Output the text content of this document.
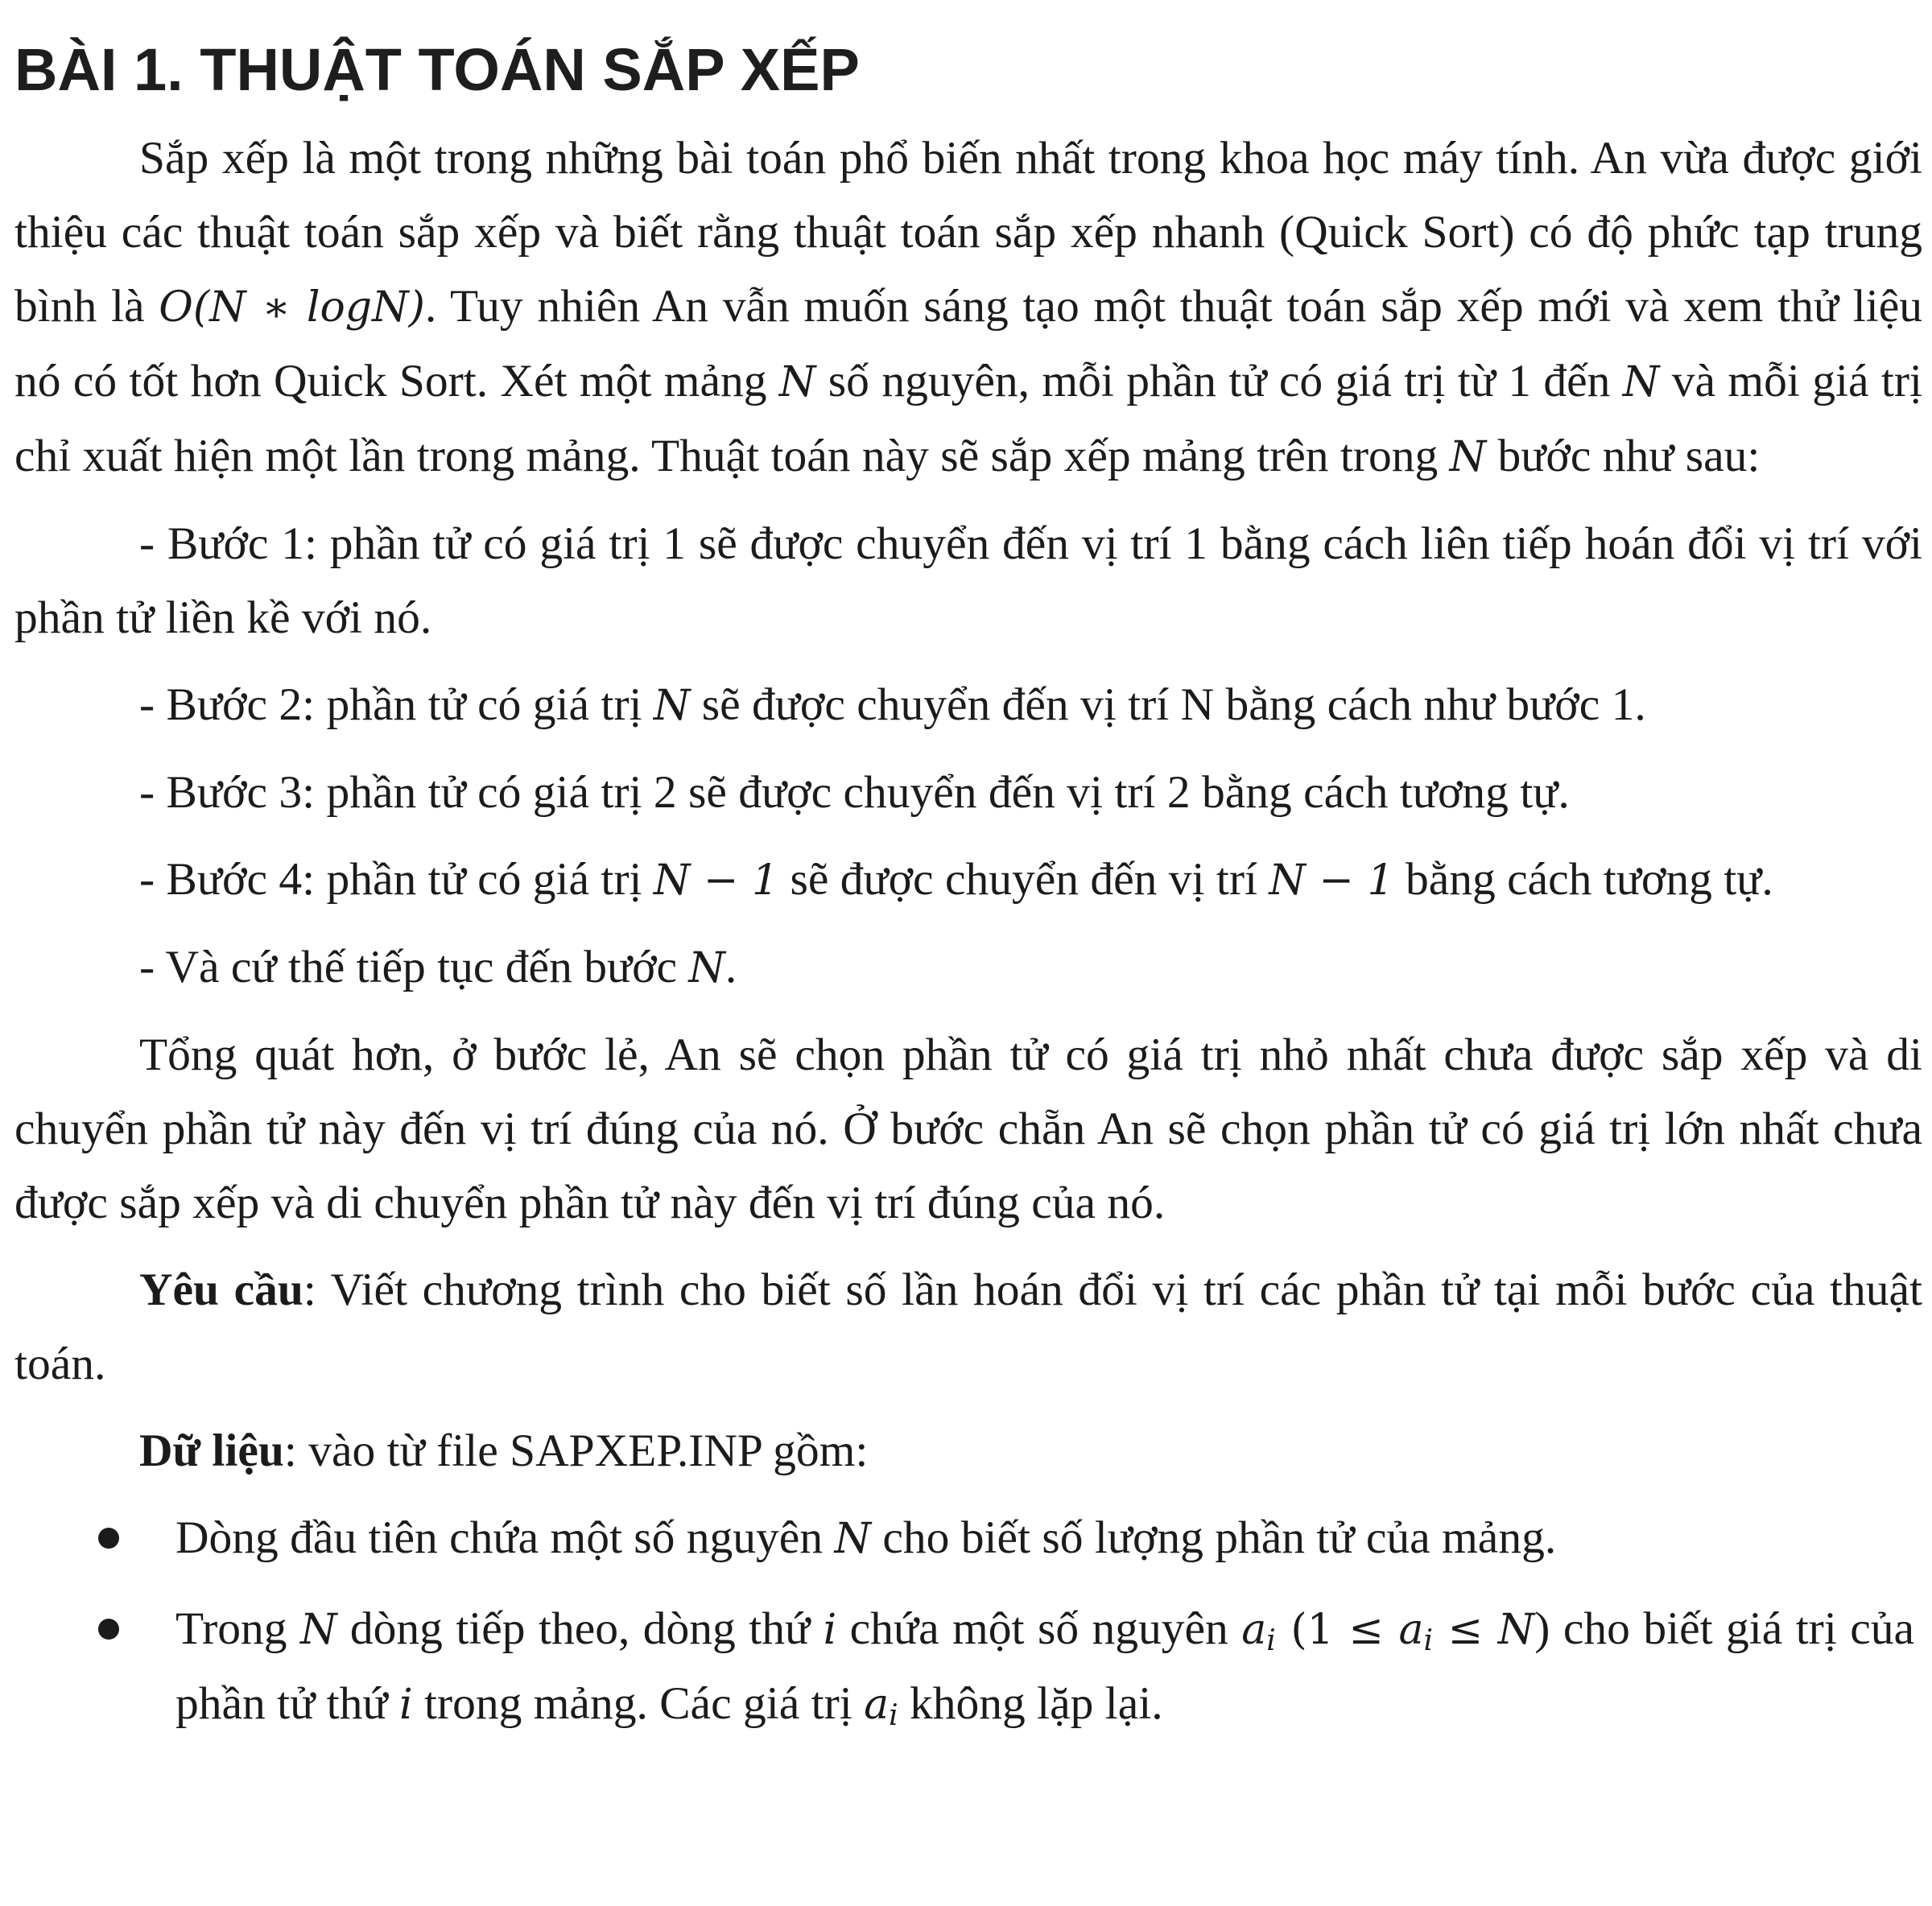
BÀI 1. THUẬT TOÁN SẮP XẾP

Sắp xếp là một trong những bài toán phổ biến nhất trong khoa học máy tính. An vừa được giới thiệu các thuật toán sắp xếp và biết rằng thuật toán sắp xếp nhanh (Quick Sort) có độ phức tạp trung bình là O(N ∗ logN). Tuy nhiên An vẫn muốn sáng tạo một thuật toán sắp xếp mới và xem thử liệu nó có tốt hơn Quick Sort. Xét một mảng N số nguyên, mỗi phần tử có giá trị từ 1 đến N và mỗi giá trị chỉ xuất hiện một lần trong mảng. Thuật toán này sẽ sắp xếp mảng trên trong N bước như sau:

- Bước 1: phần tử có giá trị 1 sẽ được chuyển đến vị trí 1 bằng cách liên tiếp hoán đổi vị trí với phần tử liền kề với nó.

- Bước 2: phần tử có giá trị N sẽ được chuyển đến vị trí N bằng cách như bước 1.

- Bước 3: phần tử có giá trị 2 sẽ được chuyển đến vị trí 2 bằng cách tương tự.

- Bước 4: phần tử có giá trị N − 1 sẽ được chuyển đến vị trí N − 1 bằng cách tương tự.

- Và cứ thế tiếp tục đến bước N.

Tổng quát hơn, ở bước lẻ, An sẽ chọn phần tử có giá trị nhỏ nhất chưa được sắp xếp và di chuyển phần tử này đến vị trí đúng của nó. Ở bước chẵn An sẽ chọn phần tử có giá trị lớn nhất chưa được sắp xếp và di chuyển phần tử này đến vị trí đúng của nó.

Yêu cầu: Viết chương trình cho biết số lần hoán đổi vị trí các phần tử tại mỗi bước của thuật toán.

Dữ liệu: vào từ file SAPXEP.INP gồm:

Dòng đầu tiên chứa một số nguyên N cho biết số lượng phần tử của mảng.
Trong N dòng tiếp theo, dòng thứ i chứa một số nguyên $a_i$ $(1 \le a_i \le N)$ cho biết giá trị của phần tử thứ i trong mảng. Các giá trị $a_i$ không lặp lại.
